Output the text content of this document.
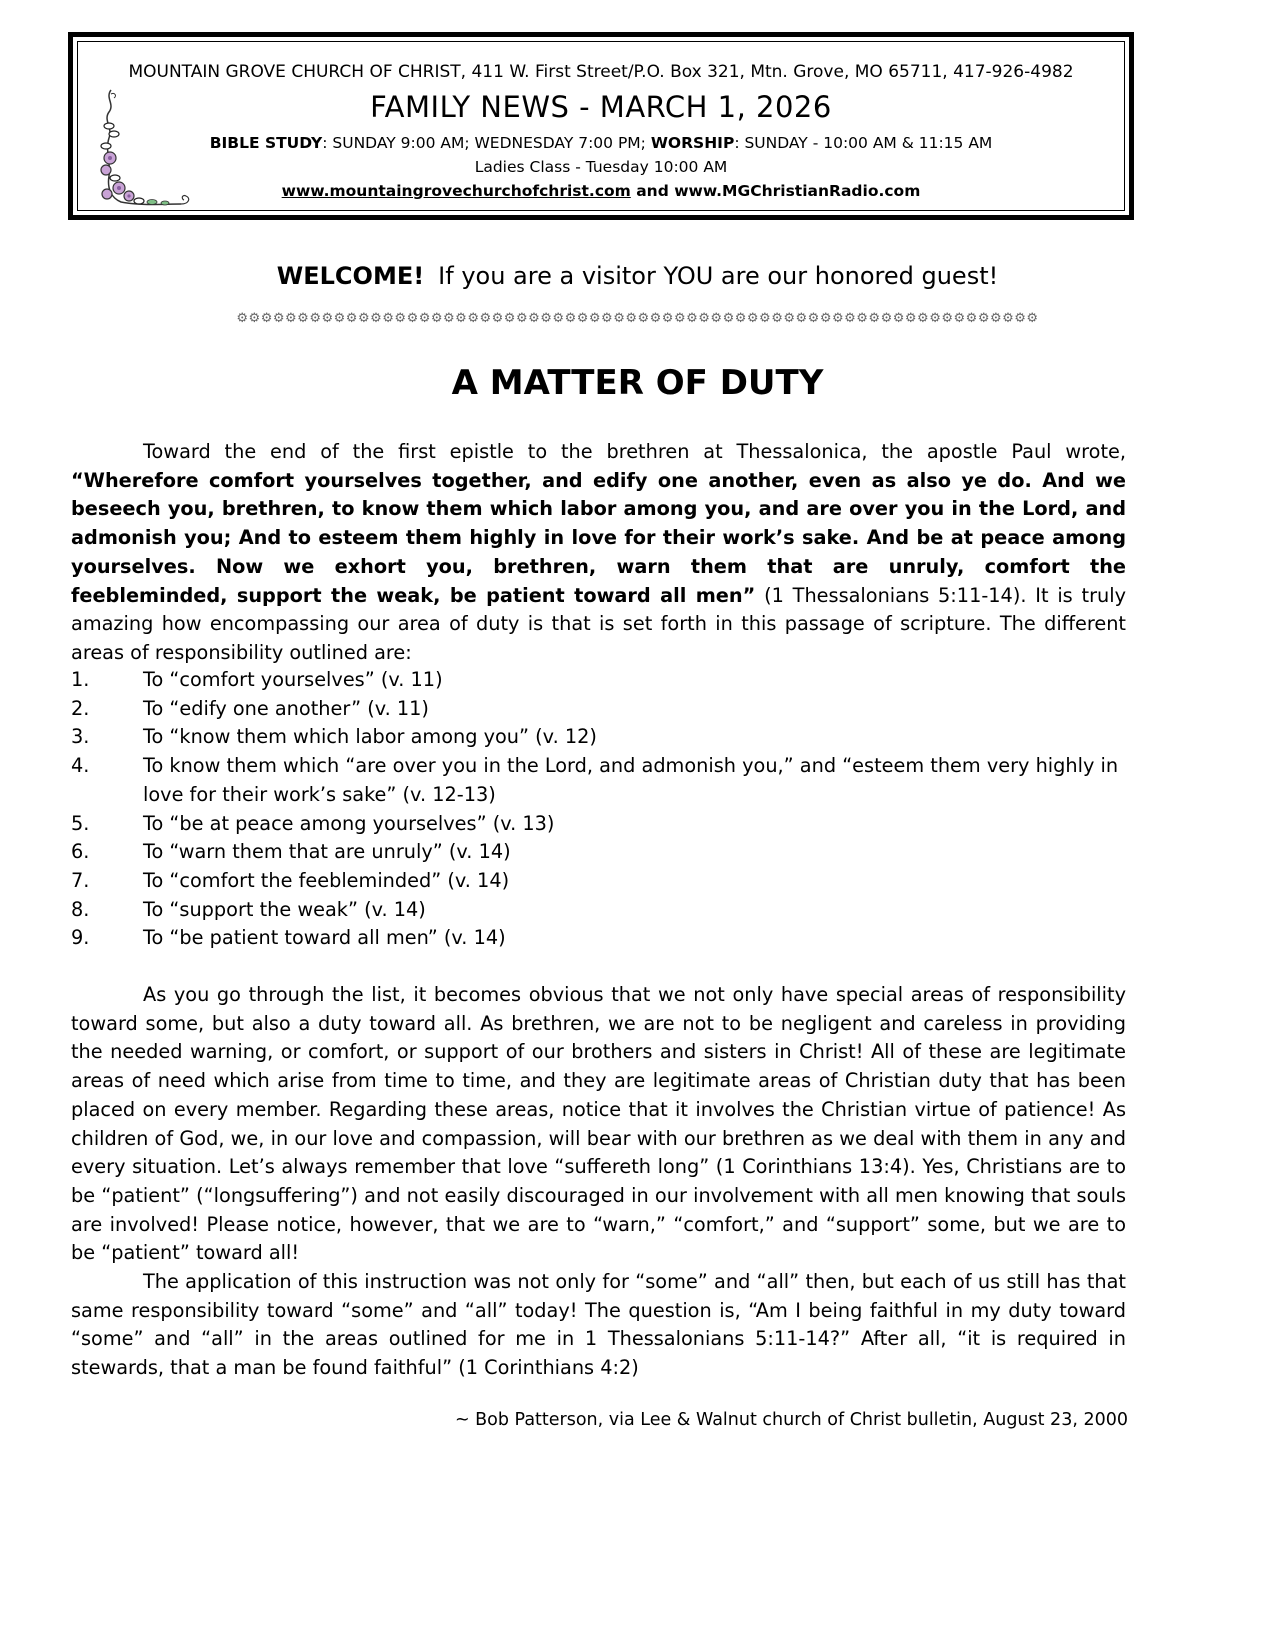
MOUNTAIN GROVE CHURCH OF CHRIST, 411 W. First Street/P.O. Box 321, Mtn. Grove, MO 65711, 417-926-4982
FAMILY NEWS - MARCH 1, 2026
BIBLE STUDY: SUNDAY 9:00 AM; WEDNESDAY 7:00 PM; WORSHIP: SUNDAY - 10:00 AM & 11:15 AM
Ladies Class - Tuesday 10:00 AM
www.mountaingrovechurchofchrist.com and www.MGChristianRadio.com
WELCOME! If you are a visitor YOU are our honored guest!
⚙⚙⚙⚙⚙⚙⚙⚙⚙⚙⚙⚙⚙⚙⚙⚙⚙⚙⚙⚙⚙⚙⚙⚙⚙⚙⚙⚙⚙⚙⚙⚙⚙⚙⚙⚙⚙⚙⚙⚙⚙⚙⚙⚙⚙⚙⚙⚙⚙⚙⚙⚙⚙⚙⚙⚙⚙⚙⚙⚙⚙⚙⚙⚙⚙⚙
A MATTER OF DUTY

Toward the end of the first epistle to the brethren at Thessalonica, the apostle Paul wrote, “Wherefore comfort yourselves together, and edify one another, even as also ye do. And we beseech you, brethren, to know them which labor among you, and are over you in the Lord, and admonish you; And to esteem them highly in love for their work’s sake. And be at peace among yourselves. Now we exhort you, brethren, warn them that are unruly, comfort the feebleminded, support the weak, be patient toward all men” (1 Thessalonians 5:11-14). It is truly amazing how encompassing our area of duty is that is set forth in this passage of scripture. The different areas of responsibility outlined are:

1.	To “comfort yourselves” (v. 11)
2.	To “edify one another” (v. 11)
3.	To “know them which labor among you” (v. 12)
4.	To know them which “are over you in the Lord, and admonish you,” and “esteem them very highly in love for their work’s sake” (v. 12-13)
5.	To “be at peace among yourselves” (v. 13)
6.	To “warn them that are unruly” (v. 14)
7.	To “comfort the feebleminded” (v. 14)
8.	To “support the weak” (v. 14)
9.	To “be patient toward all men” (v. 14)

As you go through the list, it becomes obvious that we not only have special areas of responsibility toward some, but also a duty toward all. As brethren, we are not to be negligent and careless in providing the needed warning, or comfort, or support of our brothers and sisters in Christ! All of these are legitimate areas of need which arise from time to time, and they are legitimate areas of Christian duty that has been placed on every member. Regarding these areas, notice that it involves the Christian virtue of patience! As children of God, we, in our love and compassion, will bear with our brethren as we deal with them in any and every situation. Let’s always remember that love “suffereth long” (1 Corinthians 13:4). Yes, Christians are to be “patient” (“longsuffering”) and not easily discouraged in our involvement with all men knowing that souls are involved! Please notice, however, that we are to “warn,” “comfort,” and “support” some, but we are to be “patient” toward all!

The application of this instruction was not only for “some” and “all” then, but each of us still has that same responsibility toward “some” and “all” today! The question is, “Am I being faithful in my duty toward “some” and “all” in the areas outlined for me in 1 Thessalonians 5:11-14?” After all, “it is required in stewards, that a man be found faithful” (1 Corinthians 4:2)

~ Bob Patterson, via Lee & Walnut church of Christ bulletin, August 23, 2000
